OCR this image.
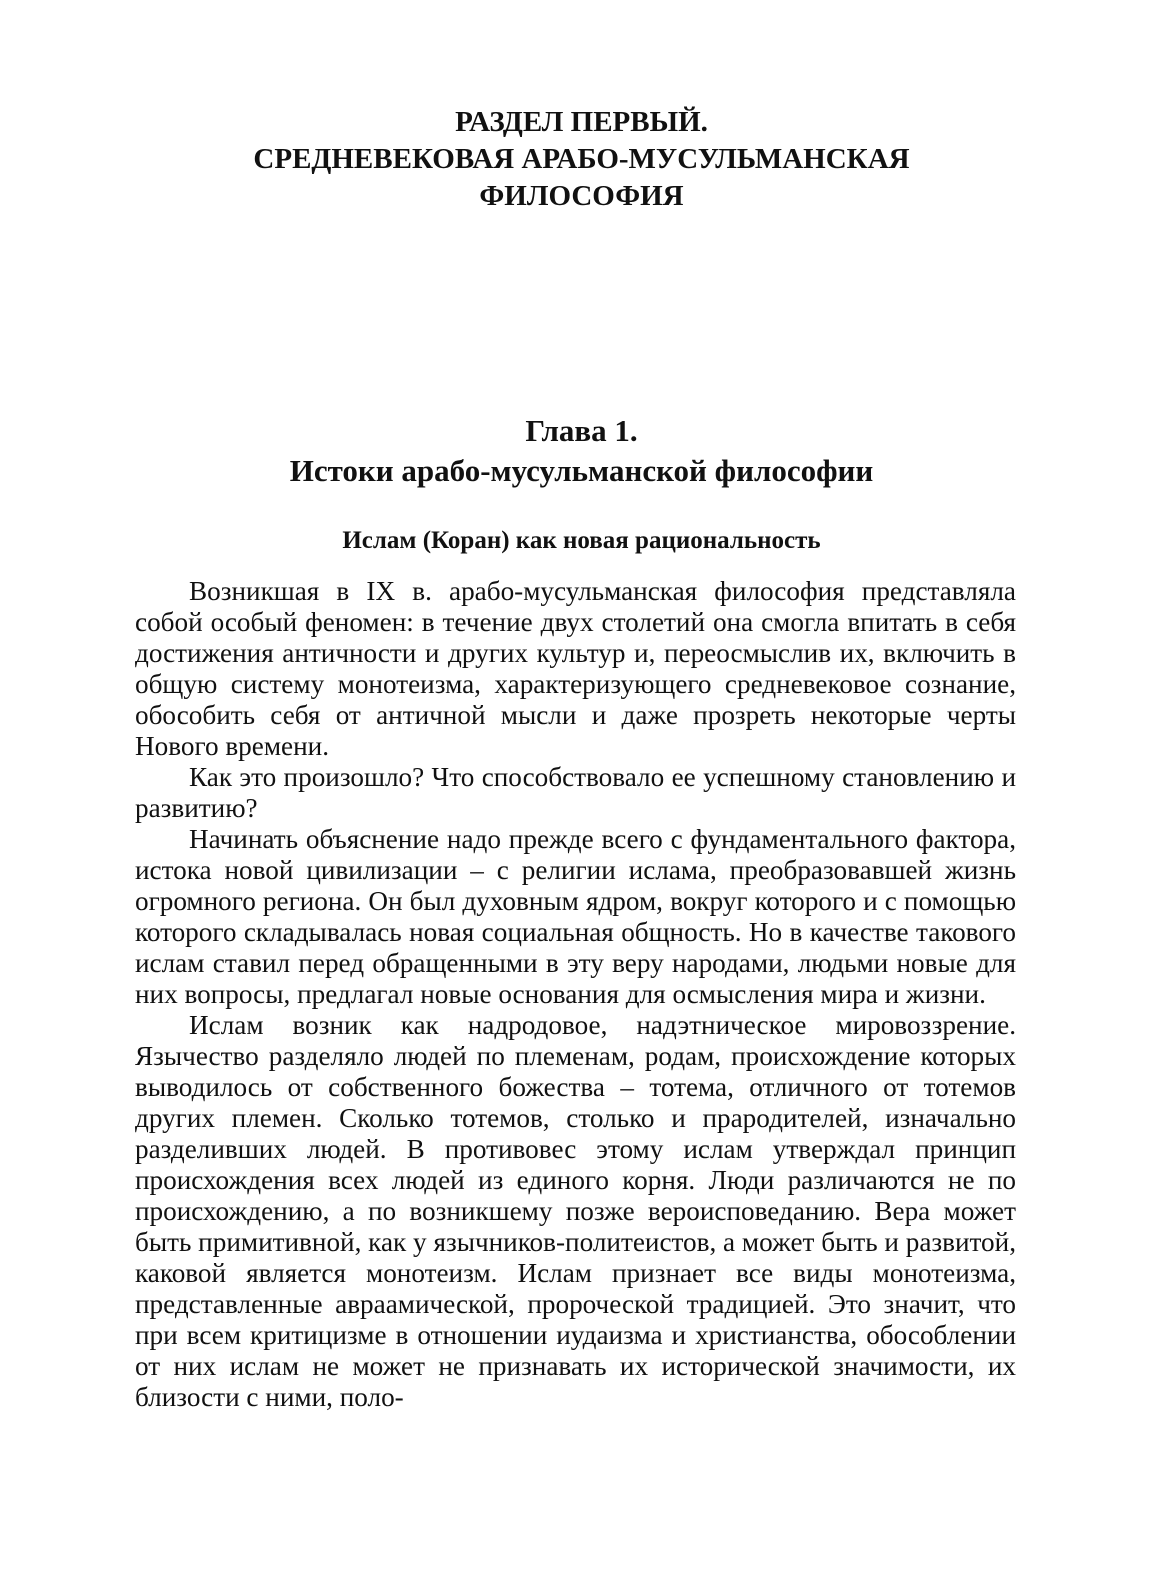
РАЗДЕЛ ПЕРВЫЙ.
СРЕДНЕВЕКОВАЯ АРАБО-МУСУЛЬМАНСКАЯ
ФИЛОСОФИЯ
Глава 1.
Истоки арабо-мусульманской философии
Ислам (Коран) как новая рациональность

Возникшая в IX в. арабо-мусульманская философия представляла собой особый феномен: в течение двух столетий она смогла впитать в себя достижения античности и других культур и, переосмыслив их, включить в общую систему монотеизма, характеризующего средневековое сознание, обособить себя от античной мысли и даже прозреть некоторые черты Нового времени.

Как это произошло? Что способствовало ее успешному становлению и развитию?

Начинать объяснение надо прежде всего с фундаментального фактора, истока новой цивилизации – с религии ислама, преобразовавшей жизнь огромного региона. Он был духовным ядром, вокруг которого и с помощью которого складывалась новая социальная общность. Но в качестве такового ислам ставил перед обращенными в эту веру народами, людьми новые для них вопросы, предлагал новые основания для осмысления мира и жизни.

Ислам возник как надродовое, надэтническое мировоззрение. Язычество разделяло людей по племенам, родам, происхождение которых выводилось от собственного божества – тотема, отличного от тотемов других племен. Сколько тотемов, столько и прародителей, изначально разделивших людей. В противовес этому ислам утверждал принцип происхождения всех людей из единого корня. Люди различаются не по происхождению, а по возникшему позже вероисповеданию. Вера может быть примитивной, как у язычников-политеистов, а может быть и развитой, каковой является монотеизм. Ислам признает все виды монотеизма, представленные авраамической, пророческой традицией. Это значит, что при всем критицизме в отношении иудаизма и христианства, обособлении от них ислам не может не признавать их исторической значимости, их близости с ними, поло-
